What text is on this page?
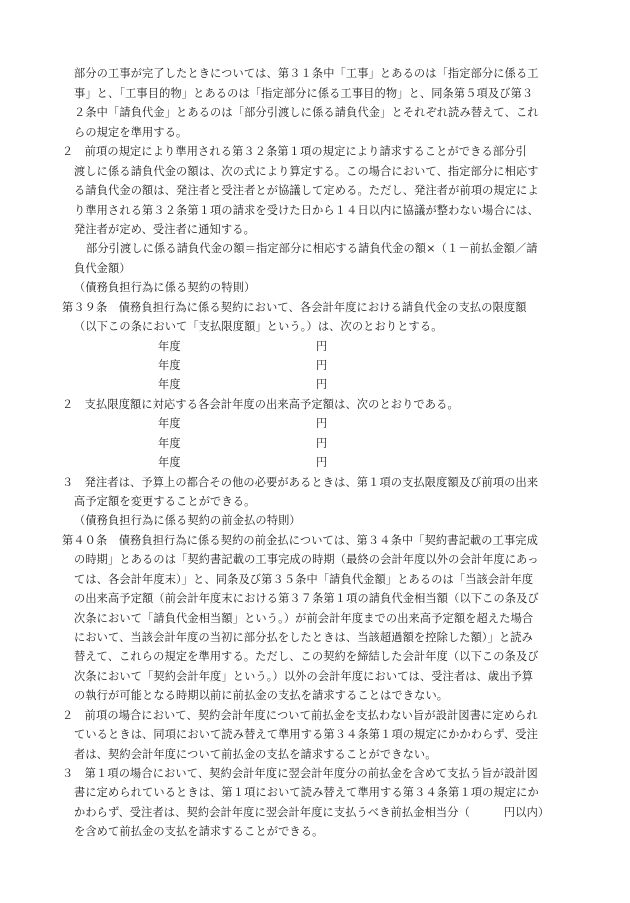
部分の工事が完了したときについては、第３１条中「工事」とあるのは「指定部分に係る工
事」と、「工事目的物」とあるのは「指定部分に係る工事目的物」と、同条第５項及び第３
２条中「請負代金」とあるのは「部分引渡しに係る請負代金」とそれぞれ読み替えて、これ
らの規定を準用する。
２　前項の規定により準用される第３２条第１項の規定により請求することができる部分引
渡しに係る請負代金の額は、次の式により算定する。この場合において、指定部分に相応す
る請負代金の額は、発注者と受注者とが協議して定める。ただし、発注者が前項の規定によ
り準用される第３２条第１項の請求を受けた日から１４日以内に協議が整わない場合には、
発注者が定め、受注者に通知する。
部分引渡しに係る請負代金の額＝指定部分に相応する請負代金の額×（１－前払金額／請
負代金額）
（債務負担行為に係る契約の特則）
第３９条　債務負担行為に係る契約において、各会計年度における請負代金の支払の限度額
（以下この条において「支払限度額」という。）は、次のとおりとする。
年度	円
年度	円
年度	円
２　支払限度額に対応する各会計年度の出来高予定額は、次のとおりである。
年度	円
年度	円
年度	円
３　発注者は、予算上の都合その他の必要があるときは、第１項の支払限度額及び前項の出来
高予定額を変更することができる。
（債務負担行為に係る契約の前金払の特則）
第４０条　債務負担行為に係る契約の前金払については、第３４条中「契約書記載の工事完成
の時期」とあるのは「契約書記載の工事完成の時期（最終の会計年度以外の会計年度にあっ
ては、各会計年度末）」と、同条及び第３５条中「請負代金額」とあるのは「当該会計年度
の出来高予定額（前会計年度末における第３７条第１項の請負代金相当額（以下この条及び
次条において「請負代金相当額」という。）が前会計年度までの出来高予定額を超えた場合
において、当該会計年度の当初に部分払をしたときは、当該超過額を控除した額）」と読み
替えて、これらの規定を準用する。ただし、この契約を締結した会計年度（以下この条及び
次条において「契約会計年度」という。）以外の会計年度においては、受注者は、歳出予算
の執行が可能となる時期以前に前払金の支払を請求することはできない。
２　前項の場合において、契約会計年度について前払金を支払わない旨が設計図書に定められ
ているときは、同項において読み替えて準用する第３４条第１項の規定にかかわらず、受注
者は、契約会計年度について前払金の支払を請求することができない。
３　第１項の場合において、契約会計年度に翌会計年度分の前払金を含めて支払う旨が設計図
書に定められているときは、第１項において読み替えて準用する第３４条第１項の規定にか
かわらず、受注者は、契約会計年度に翌会計年度に支払うべき前払金相当分（　　　円以内）
を含めて前払金の支払を請求することができる。
